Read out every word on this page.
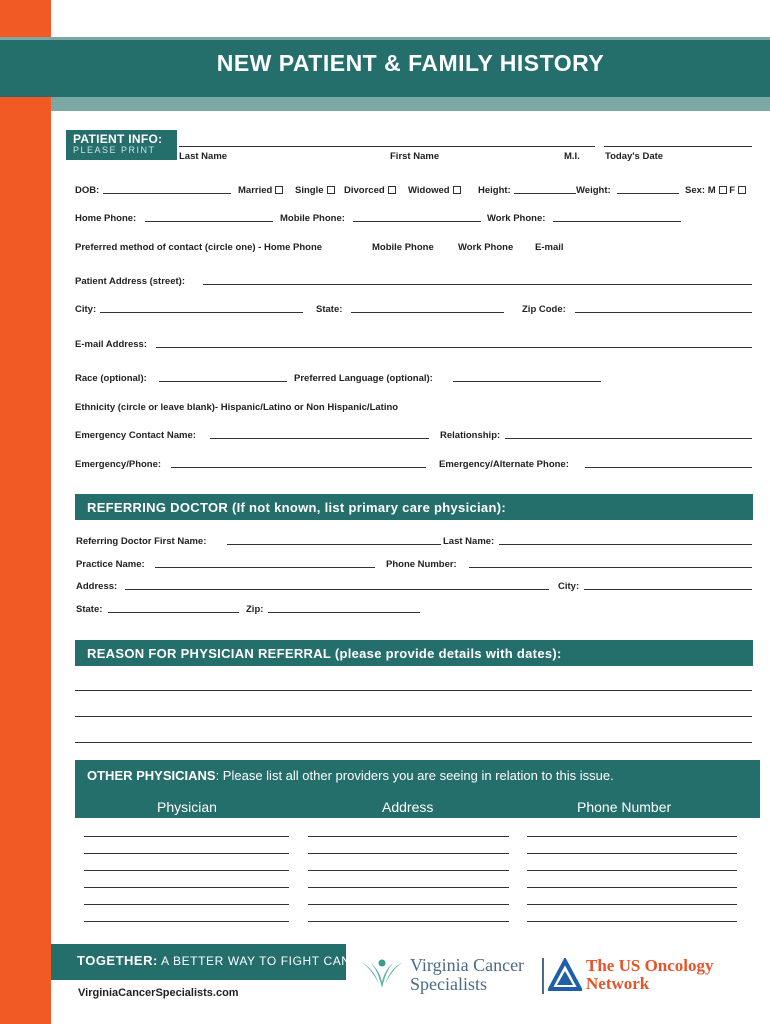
NEW PATIENT & FAMILY HISTORY
PATIENT INFO:
PLEASE PRINT
Last Name	First Name	M.I.	Today's Date
DOB:	Married	Single	Divorced	Widowed	Height:	Weight:	Sex: M F
Home Phone:	Mobile Phone:	Work Phone:
Preferred method of contact (circle one) - Home Phone	Mobile Phone	Work Phone E-mail
Patient Address (street):
City:	State:	Zip Code:
E-mail Address:
Race (optional):	Preferred Language (optional):
Ethnicity (circle or leave blank)- Hispanic/Latino or Non Hispanic/Latino
Emergency Contact Name:	Relationship:
Emergency/Phone:	Emergency/Alternate Phone:
REFERRING DOCTOR (If not known, list primary care physician):
Referring Doctor First Name:	Last Name:
Practice Name:	Phone Number:
Address:	City:
State:	Zip:
REASON FOR PHYSICIAN REFERRAL (please provide details with dates):
OTHER PHYSICIANS: Please list all other providers you are seeing in relation to this issue.
Physician	Address	Phone Number
TOGETHER: A BETTER WAY TO FIGHT CANCER
VirginiaCancerSpecialists.com
Virginia Cancer
Specialists
The US Oncology
Network
